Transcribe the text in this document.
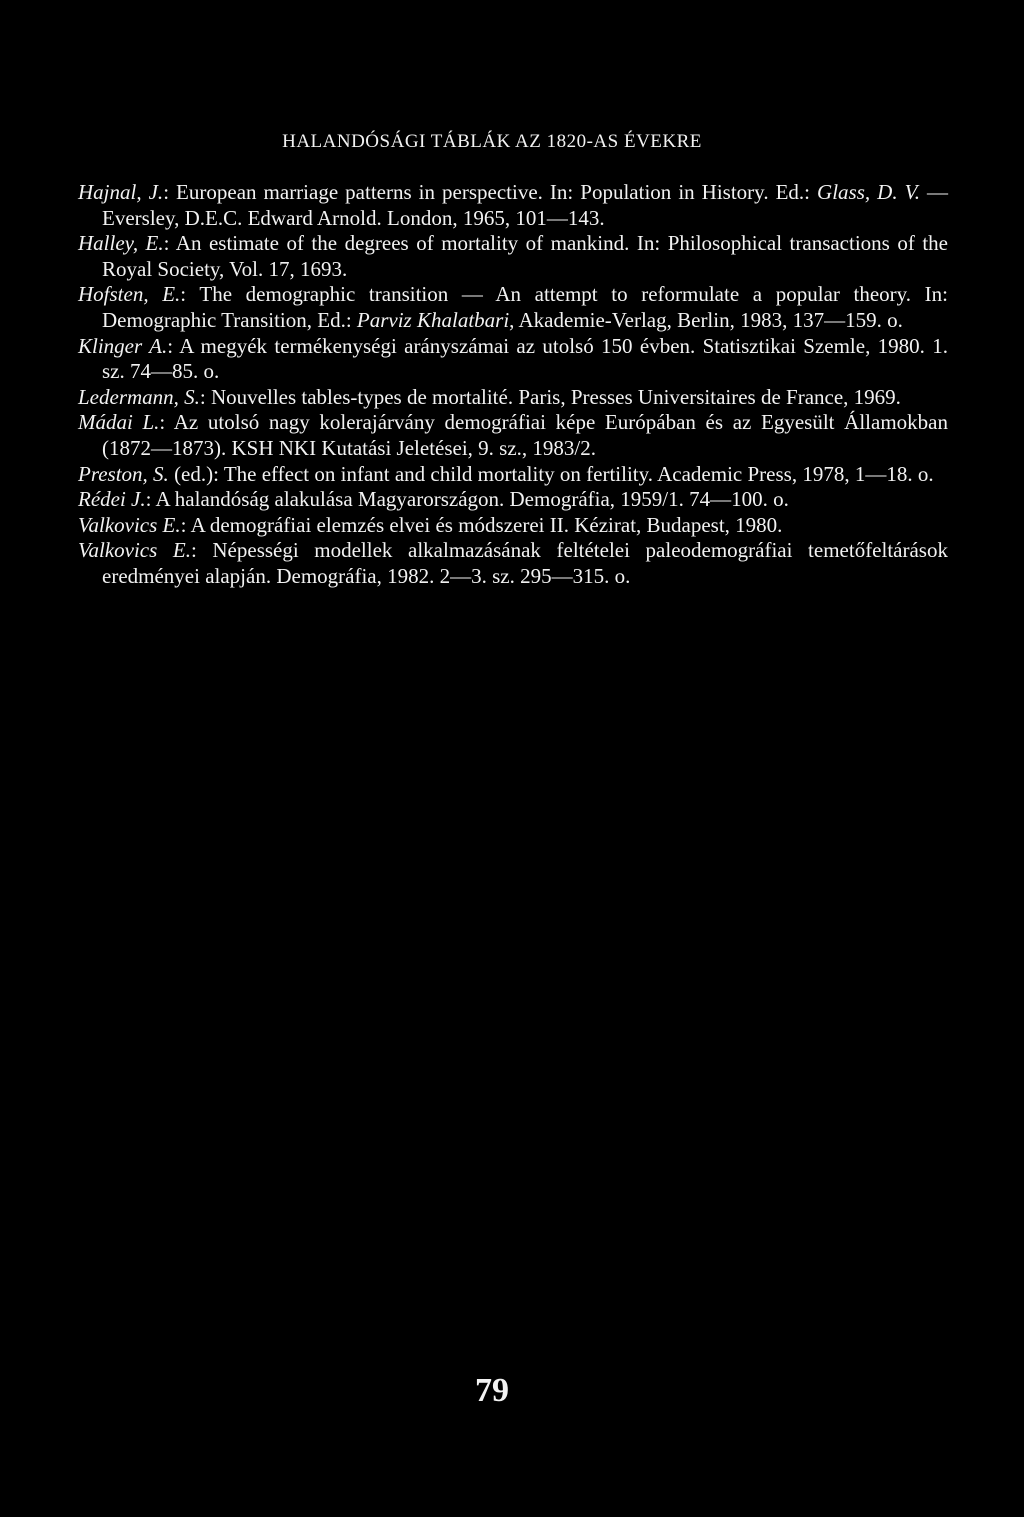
HALANDÓSÁGI TÁBLÁK AZ 1820-AS ÉVEKRE
Hajnal, J.: European marriage patterns in perspective. In: Population in History. Ed.: Glass, D. V. — Eversley, D.E.C. Edward Arnold. London, 1965, 101—143.
Halley, E.: An estimate of the degrees of mortality of mankind. In: Philosophical transactions of the Royal Society, Vol. 17, 1693.
Hofsten, E.: The demographic transition — An attempt to reformulate a popular theory. In: Demographic Transition, Ed.: Parviz Khalatbari, Akademie-Verlag, Berlin, 1983, 137—159. o.
Klinger A.: A megyék termékenységi arányszámai az utolsó 150 évben. Statisztikai Szemle, 1980. 1. sz. 74—85. o.
Ledermann, S.: Nouvelles tables-types de mortalité. Paris, Presses Universitaires de France, 1969.
Mádai L.: Az utolsó nagy kolerajárvány demográfiai képe Európában és az Egyesült Államokban (1872—1873). KSH NKI Kutatási Jeletései, 9. sz., 1983/2.
Preston, S. (ed.): The effect on infant and child mortality on fertility. Academic Press, 1978, 1—18. o.
Rédei J.: A halandóság alakulása Magyarországon. Demográfia, 1959/1. 74—100. o.
Valkovics E.: A demográfiai elemzés elvei és módszerei II. Kézirat, Budapest, 1980.
Valkovics E.: Népességi modellek alkalmazásának feltételei paleodemográfiai temetőfeltárások eredményei alapján. Demográfia, 1982. 2—3. sz. 295—315. o.
79
